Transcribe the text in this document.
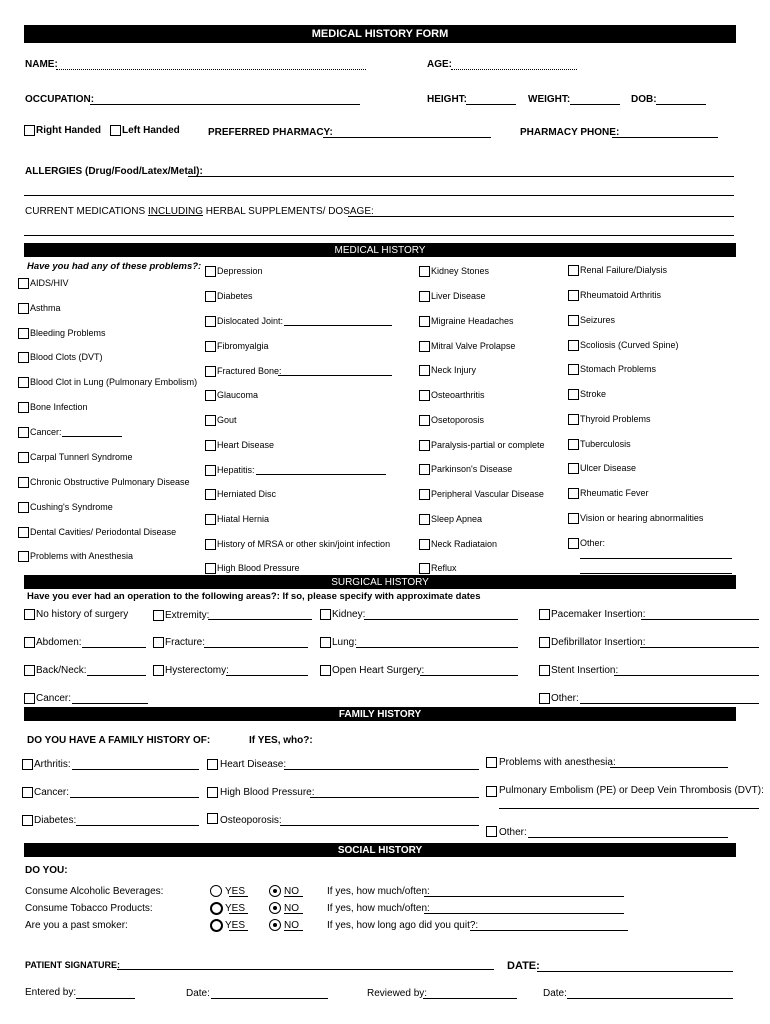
MEDICAL HISTORY FORM
NAME:	AGE:
OCCUPATION:	HEIGHT:	WEIGHT:	DOB:
Right Handed Left Handed	PREFERRED PHARMACY:	PHARMACY PHONE:
ALLERGIES (Drug/Food/Latex/Metal):
CURRENT MEDICATIONS INCLUDING HERBAL SUPPLEMENTS/ DOSAGE:
MEDICAL HISTORY
Have you had any of these problems?:
AIDS/HIV
Asthma
Bleeding Problems
Blood Clots (DVT)
Blood Clot in Lung (Pulmonary Embolism)
Bone Infection
Cancer:
Carpal Tunnerl Syndrome
Chronic Obstructive Pulmonary Disease
Cushing's Syndrome
Dental Cavities/ Periodontal Disease
Problems with Anesthesia
Depression
Diabetes
Dislocated Joint:
Fibromyalgia
Fractured Bone:
Glaucoma
Gout
Heart Disease
Hepatitis:
Herniated Disc
Hiatal Hernia
History of MRSA or other skin/joint infection
High Blood Pressure
Kidney Stones
Liver Disease
Migraine Headaches
Mitral Valve Prolapse
Neck Injury
Osteoarthritis
Osetoporosis
Paralysis-partial or complete
Parkinson's Disease
Peripheral Vascular Disease
Sleep Apnea
Neck Radiataion
Reflux
Renal Failure/Dialysis
Rheumatoid Arthritis
Seizures
Scoliosis (Curved Spine)
Stomach Problems
Stroke
Thyroid Problems
Tuberculosis
Ulcer Disease
Rheumatic Fever
Vision or hearing abnormalities
Other:
SURGICAL HISTORY
Have you ever had an operation to the following areas?: If so, please specify with approximate dates
No history of surgery	Extremity:	Kidney:	Pacemaker Insertion:
Abdomen:	Fracture:	Lung:	Defibrillator Insertion:
Back/Neck:	Hysterectomy:	Open Heart Surgery:	Stent Insertion:
Cancer:	Other:
FAMILY HISTORY
DO YOU HAVE A FAMILY HISTORY OF:	If YES, who?:
Arthritis:	Heart Disease:	Problems with anesthesia:
Cancer:	High Blood Pressure:	Pulmonary Embolism (PE) or Deep Vein Thrombosis (DVT):
Diabetes:	Osteoporosis:
Other:
SOCIAL HISTORY
DO YOU:
Consume Alcoholic Beverages:	YES	NO	If yes, how much/often:
Consume Tobacco Products:	YES	NO	If yes, how much/often:
Are you a past smoker:	YES	NO	If yes, how long ago did you quit?:
PATIENT SIGNATURE:	DATE:
Entered by:	Date:	Reviewed by:	Date:
